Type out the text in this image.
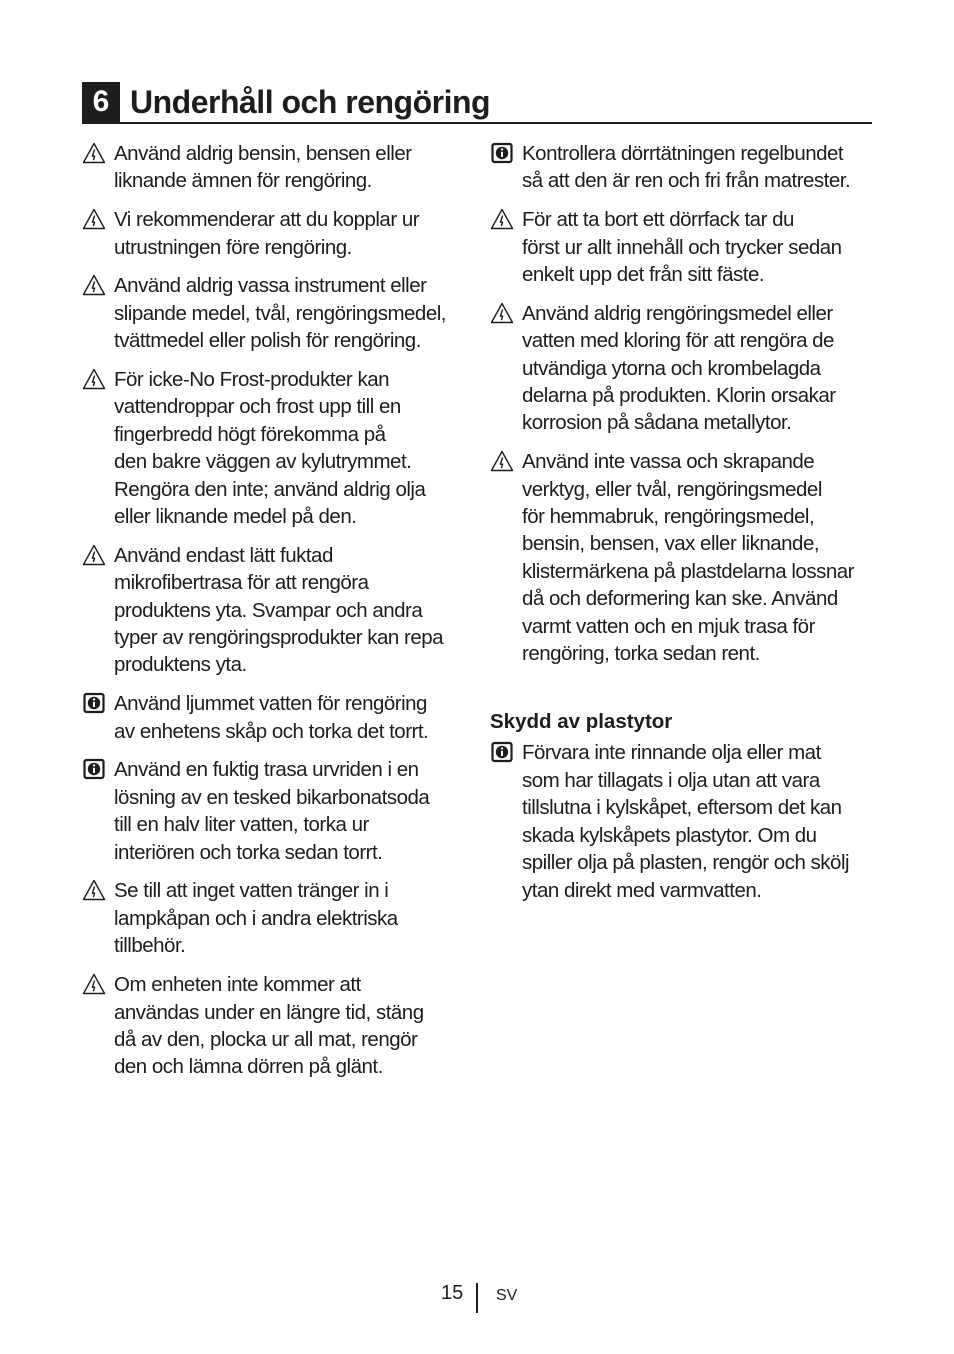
6 Underhåll och rengöring
Använd aldrig bensin, bensen eller
liknande ämnen för rengöring.
Vi rekommenderar att du kopplar ur
utrustningen före rengöring.
Använd aldrig vassa instrument eller
slipande medel, tvål, rengöringsmedel,
tvättmedel eller polish för rengöring.
För icke-No Frost-produkter kan
vattendroppar och frost upp till en
fingerbredd högt förekomma på
den bakre väggen av kylutrymmet.
Rengöra den inte; använd aldrig olja
eller liknande medel på den.
Använd endast lätt fuktad
mikrofibertrasa för att rengöra
produktens yta. Svampar och andra
typer av rengöringsprodukter kan repa
produktens yta.
Använd ljummet vatten för rengöring
av enhetens skåp och torka det torrt.
Använd en fuktig trasa urvriden i en
lösning av en tesked bikarbonatsoda
till en halv liter vatten, torka ur
interiören och torka sedan torrt.
Se till att inget vatten tränger in i
lampkåpan och i andra elektriska
tillbehör.
Om enheten inte kommer att
användas under en längre tid, stäng
då av den, plocka ur all mat, rengör
den och lämna dörren på glänt.
Kontrollera dörrtätningen regelbundet
så att den är ren och fri från matrester.
För att ta bort ett dörrfack tar du
först ur allt innehåll och trycker sedan
enkelt upp det från sitt fäste.
Använd aldrig rengöringsmedel eller
vatten med kloring för att rengöra de
utvändiga ytorna och krombelagda
delarna på produkten. Klorin orsakar
korrosion på sådana metallytor.
Använd inte vassa och skrapande
verktyg, eller tvål, rengöringsmedel
för hemmabruk, rengöringsmedel,
bensin, bensen, vax eller liknande,
klistermärkena på plastdelarna lossnar
då och deformering kan ske. Använd
varmt vatten och en mjuk trasa för
rengöring, torka sedan rent.
Skydd av plastytor
Förvara inte rinnande olja eller mat
som har tillagats i olja utan att vara
tillslutna i kylskåpet, eftersom det kan
skada kylskåpets plastytor. Om du
spiller olja på plasten, rengör och skölj
ytan direkt med varmvatten.
15 SV
